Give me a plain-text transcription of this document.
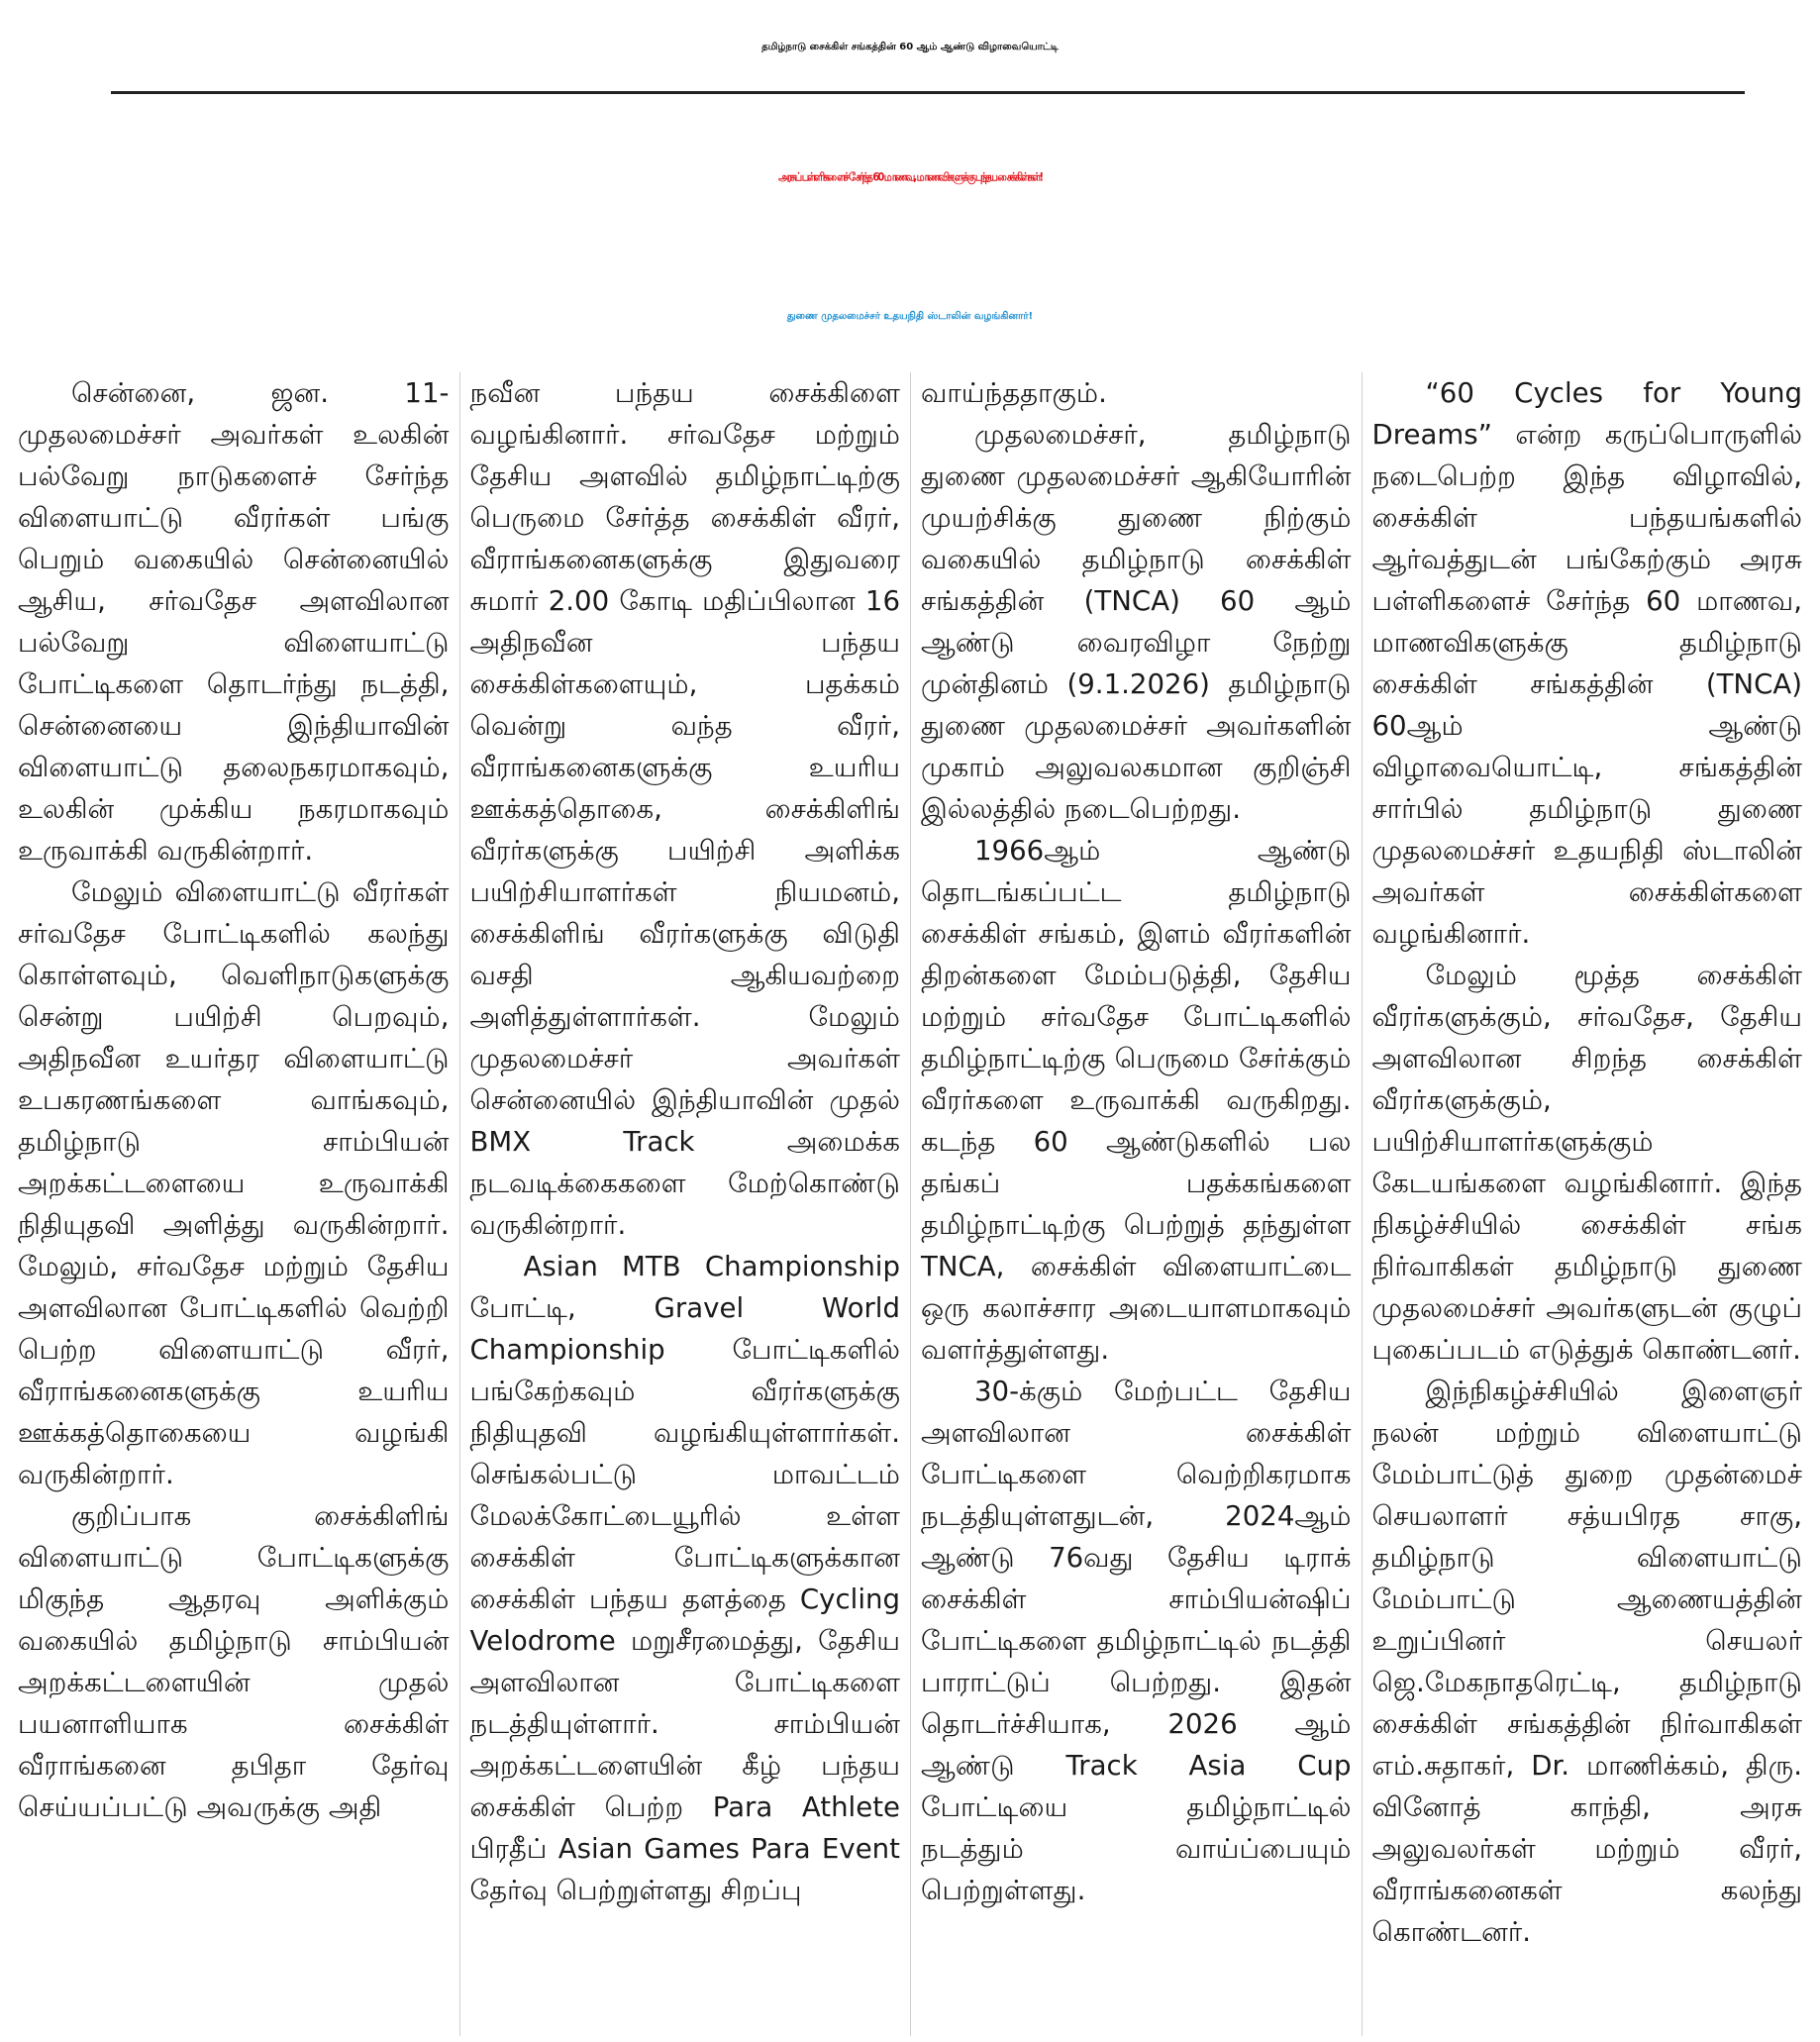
தமிழ்நாடு சைக்கிள் சங்கத்தின் 60 ஆம் ஆண்டு விழாவையொட்டி
அரசுப் பள்ளிகளைச் சேர்ந்த 60 மாணவ, மாணவிகளுக்கு பந்தய சைக்கிள்கள்!
துணை முதலமைச்சர் உதயநிதி ஸ்டாலின் வழங்கினார்!

சென்னை, ஜன. 11- முதலமைச்சர் அவர்கள் உலகின் பல்வேறு நாடுகளைச் சேர்ந்த விளையாட்டு வீரர்கள் பங்கு பெறும் வகையில் சென்னையில் ஆசிய, சர்வதேச அளவிலான பல்வேறு விளையாட்டு போட்டிகளை தொடர்ந்து நடத்தி, சென்னையை இந்தியாவின் விளையாட்டு தலைநகரமாகவும், உலகின் முக்கிய நகரமாகவும் உருவாக்கி வருகின்றார்.

மேலும் விளையாட்டு வீரர்கள் சர்வதேச போட்டிகளில் கலந்து கொள்ளவும், வெளிநாடுகளுக்கு சென்று பயிற்சி பெறவும், அதிநவீன உயர்தர விளையாட்டு உபகரணங்களை வாங்கவும், தமிழ்நாடு சாம்பியன் அறக்கட்டளையை உருவாக்கி நிதியுதவி அளித்து வருகின்றார். மேலும், சர்வதேச மற்றும் தேசிய அளவிலான போட்டிகளில் வெற்றி பெற்ற விளையாட்டு வீரர், வீராங்கனைகளுக்கு உயரிய ஊக்கத்தொகையை வழங்கி வருகின்றார்.

குறிப்பாக சைக்கிளிங் விளையாட்டு போட்டிகளுக்கு மிகுந்த ஆதரவு அளிக்கும் வகையில் தமிழ்நாடு சாம்பியன் அறக்கட்டளையின் முதல் பயனாளியாக சைக்கிள் வீராங்கனை தபிதா தேர்வு செய்யப்பட்டு அவருக்கு அதி

நவீன பந்தய சைக்கிளை வழங்கினார். சர்வதேச மற்றும் தேசிய அளவில் தமிழ்நாட்டிற்கு பெருமை சேர்த்த சைக்கிள் வீரர், வீராங்கனைகளுக்கு இதுவரை சுமார் 2.00 கோடி மதிப்பிலான 16 அதிநவீன பந்தய சைக்கிள்களையும், பதக்கம் வென்று வந்த வீரர், வீராங்கனைகளுக்கு உயரிய ஊக்கத்தொகை, சைக்கிளிங் வீரர்களுக்கு பயிற்சி அளிக்க பயிற்சியாளர்கள் நியமனம், சைக்கிளிங் வீரர்களுக்கு விடுதி வசதி ஆகியவற்றை அளித்துள்ளார்கள். மேலும் முதலமைச்சர் அவர்கள் சென்னையில் இந்தியாவின் முதல் BMX Track அமைக்க நடவடிக்கைகளை மேற்கொண்டு வருகின்றார்.

Asian MTB Championship போட்டி, Gravel World Championship போட்டிகளில் பங்கேற்கவும் வீரர்களுக்கு நிதியுதவி வழங்கியுள்ளார்கள். செங்கல்பட்டு மாவட்டம் மேலக்கோட்டையூரில் உள்ள சைக்கிள் போட்டிகளுக்கான சைக்கிள் பந்தய தளத்தை Cycling Velodrome மறுசீரமைத்து, தேசிய அளவிலான போட்டிகளை நடத்தியுள்ளார். சாம்பியன் அறக்கட்டளையின் கீழ் பந்தய சைக்கிள் பெற்ற Para Athlete பிரதீப் Asian Games Para Event தேர்வு பெற்றுள்ளது சிறப்பு

வாய்ந்ததாகும்.

முதலமைச்சர், தமிழ்நாடு துணை முதலமைச்சர் ஆகியோரின் முயற்சிக்கு துணை நிற்கும் வகையில் தமிழ்நாடு சைக்கிள் சங்கத்தின் (TNCA) 60 ஆம் ஆண்டு வைரவிழா நேற்று முன்தினம் (9.1.2026) தமிழ்நாடு துணை முதலமைச்சர் அவர்களின் முகாம் அலுவலகமான குறிஞ்சி இல்லத்தில் நடைபெற்றது.

1966ஆம் ஆண்டு தொடங்கப்பட்ட தமிழ்நாடு சைக்கிள் சங்கம், இளம் வீரர்களின் திறன்களை மேம்படுத்தி, தேசிய மற்றும் சர்வதேச போட்டிகளில் தமிழ்நாட்டிற்கு பெருமை சேர்க்கும் வீரர்களை உருவாக்கி வருகிறது. கடந்த 60 ஆண்டுகளில் பல தங்கப் பதக்கங்களை தமிழ்நாட்டிற்கு பெற்றுத் தந்துள்ள TNCA, சைக்கிள் விளையாட்டை ஒரு கலாச்சார அடையாளமாகவும் வளர்த்துள்ளது.

30-க்கும் மேற்பட்ட தேசிய அளவிலான சைக்கிள் போட்டிகளை வெற்றிகரமாக நடத்தியுள்ளதுடன், 2024ஆம் ஆண்டு 76வது தேசிய டிராக் சைக்கிள் சாம்பியன்ஷிப் போட்டிகளை தமிழ்நாட்டில் நடத்தி பாராட்டுப் பெற்றது. இதன் தொடர்ச்சியாக, 2026 ஆம் ஆண்டு Track Asia Cup போட்டியை தமிழ்நாட்டில் நடத்தும் வாய்ப்பையும் பெற்றுள்ளது.

“60 Cycles for Young Dreams” என்ற கருப்பொருளில் நடைபெற்ற இந்த விழாவில், சைக்கிள் பந்தயங்களில் ஆர்வத்துடன் பங்கேற்கும் அரசு பள்ளிகளைச் சேர்ந்த 60 மாணவ, மாணவிகளுக்கு தமிழ்நாடு சைக்கிள் சங்கத்தின் (TNCA) 60ஆம் ஆண்டு விழாவையொட்டி, சங்கத்தின் சார்பில் தமிழ்நாடு துணை முதலமைச்சர் உதயநிதி ஸ்டாலின் அவர்கள் சைக்கிள்களை வழங்கினார்.

மேலும் மூத்த சைக்கிள் வீரர்களுக்கும், சர்வதேச, தேசிய அளவிலான சிறந்த சைக்கிள் வீரர்களுக்கும், பயிற்சியாளர்களுக்கும் கேடயங்களை வழங்கினார். இந்த நிகழ்ச்சியில் சைக்கிள் சங்க நிர்வாகிகள் தமிழ்நாடு துணை முதலமைச்சர் அவர்களுடன் குழுப் புகைப்படம் எடுத்துக் கொண்டனர்.

இந்நிகழ்ச்சியில் இளைஞர் நலன் மற்றும் விளையாட்டு மேம்பாட்டுத் துறை முதன்மைச் செயலாளர் சத்யபிரத சாகு, தமிழ்நாடு விளையாட்டு மேம்பாட்டு ஆணையத்தின் உறுப்பினர் செயலர் ஜெ.மேகநாதரெட்டி, தமிழ்நாடு சைக்கிள் சங்கத்தின் நிர்வாகிகள் எம்.சுதாகர், Dr. மாணிக்கம், திரு. வினோத் காந்தி, அரசு அலுவலர்கள் மற்றும் வீரர், வீராங்கனைகள் கலந்து கொண்டனர்.
